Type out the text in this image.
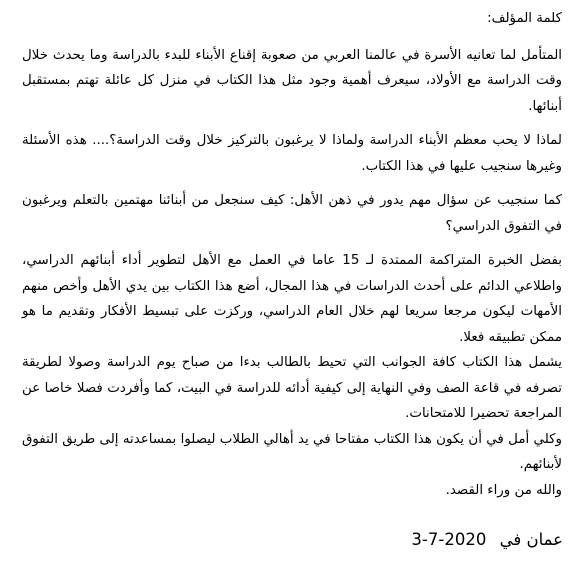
كلمة المؤلف:

المتأمل لما تعانيه الأسرة في عالمنا العربي من صعوبة إقناع الأبناء للبدء بالدراسة وما يحدث خلال وقت الدراسة مع الأولاد، سيعرف أهمية وجود مثل هذا الكتاب في منزل كل عائلة تهتم بمستقبل أبنائها.

لماذا لا يحب معظم الأبناء الدراسة ولماذا لا يرغبون بالتركيز خلال وقت الدراسة؟.... هذه الأسئلة وغيرها سنجيب عليها في هذا الكتاب.

كما سنجيب عن سؤال مهم يدور في ذهن الأهل: كيف سنجعل من أبنائنا مهتمين بالتعلم ويرغبون في التفوق الدراسي؟

بفضل الخبرة المتراكمة الممتدة لـ 15 عاما في العمل مع الأهل لتطوير أداء أبنائهم الدراسي، واطلاعي الدائم على أحدث الدراسات في هذا المجال، أضع هذا الكتاب بين يدي الأهل وأخص منهم الأمهات ليكون مرجعا سريعا لهم خلال العام الدراسي، وركزت على تبسيط الأفكار وتقديم ما هو ممكن تطبيقه فعلا.

يشمل هذا الكتاب كافة الجوانب التي تحيط بالطالب بدءا من صباح يوم الدراسة وصولا لطريقة تصرفه في قاعة الصف وفي النهاية إلى كيفية أدائه للدراسة في البيت، كما وأفردت فصلا خاصا عن المراجعة تحضيرا للامتحانات.

وكلي أمل في أن يكون هذا الكتاب مفتاحا في يد أهالي الطلاب ليصلوا بمساعدته إلى طريق التفوق لأبنائهم.

والله من وراء القصد.
عمان في 3-7-2020
